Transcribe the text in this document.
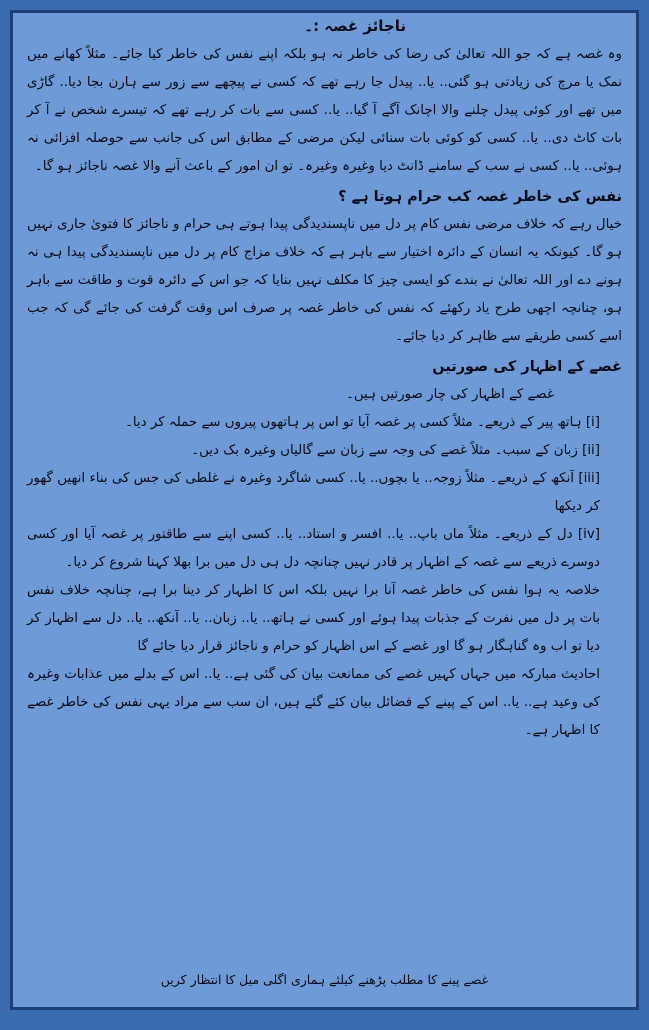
ناجائز غصہ :۔

وہ غصہ ہے کہ جو اللہ تعالیٰ کی رضا کی خاطر نہ ہو بلکہ اپنے نفس کی خاطر کیا جائے۔ مثلاً کھانے میں نمک یا مرچ کی زیادتی ہو گئی.. یا.. پیدل جا رہے تھے کہ کسی نے پیچھے سے زور سے ہارن بجا دیا.. گاڑی میں تھے اور کوئی پیدل چلنے والا اچانک آگے آ گیا.. یا.. کسی سے بات کر رہے تھے کہ تیسرے شخص نے آ کر بات کاٹ دی.. یا.. کسی کو کوئی بات سنائی لیکن مرضی کے مطابق اس کی جانب سے حوصلہ افزائی نہ ہوئی.. یا.. کسی نے سب کے سامنے ڈانٹ دیا وغیرہ وغیرہ۔ تو ان امور کے باعث آنے والا غصہ ناجائز ہو گا۔

نفس کی خاطر غصہ کب حرام ہوتا ہے ؟

خیال رہے کہ خلاف مرضی نفس کام پر دل میں ناپسندیدگی پیدا ہوتے ہی حرام و ناجائز کا فتویٰ جاری نہیں ہو گا۔ کیونکہ یہ انسان کے دائرہ اختیار سے باہر ہے کہ خلاف مزاج کام پر دل میں ناپسندیدگی پیدا ہی نہ ہونے دے اور اللہ تعالیٰ نے بندے کو ایسی چیز کا مکلف نہیں بنایا کہ جو اس کے دائرہ قوت و طاقت سے باہر ہو، چنانچہ اچھی طرح یاد رکھئے کہ نفس کی خاطر غصہ پر صرف اس وقت گرفت کی جائے گی کہ جب اسے کسی طریقے سے ظاہر کر دیا جائے۔

غصے کے اظہار کی صورتیں

غصے کے اظہار کی چار صورتیں ہیں۔

[i] ہاتھ پیر کے ذریعے۔ مثلاً کسی پر غصہ آیا تو اس پر ہاتھوں پیروں سے حملہ کر دیا۔

[ii] زبان کے سبب۔ مثلاً غصے کی وجہ سے زبان سے گالیاں وغیرہ بک دیں۔

[iii] آنکھ کے ذریعے۔ مثلاً زوجہ.. یا بچوں.. یا.. کسی شاگرد وغیرہ نے غلطی کی جس کی بناء انھیں گھور کر دیکھا

[iv] دل کے ذریعے۔ مثلاً ماں باپ.. یا.. افسر و استاد.. یا.. کسی اپنے سے طاقتور پر غصہ آیا اور کسی دوسرے ذریعے سے غصہ کے اظہار پر قادر نہیں چنانچہ دل ہی دل میں برا بھلا کہنا شروع کر دیا۔

خلاصہ یہ ہوا نفس کی خاطر غصہ آنا برا نہیں بلکہ اس کا اظہار کر دینا برا ہے، چنانچہ خلاف نفس بات پر دل میں نفرت کے جذبات پیدا ہوئے اور کسی نے ہاتھ.. یا.. زبان.. یا.. آنکھ.. یا.. دل سے اظہار کر دیا تو اب وہ گناہگار ہو گا اور غصے کے اس اظہار کو حرام و ناجائز قرار دیا جائے گا

احادیث مبارکہ میں جہاں کہیں غصے کی ممانعت بیان کی گئی ہے.. یا.. اس کے بدلے میں عذابات وغیرہ کی وعید ہے.. یا.. اس کے پینے کے فضائل بیان کئے گئے ہیں، ان سب سے مراد یہی نفس کی خاطر غصے کا اظہار ہے۔

غصے پینے کا مطلب پڑھنے کیلئے ہماری اگلی میل کا انتظار کریں
